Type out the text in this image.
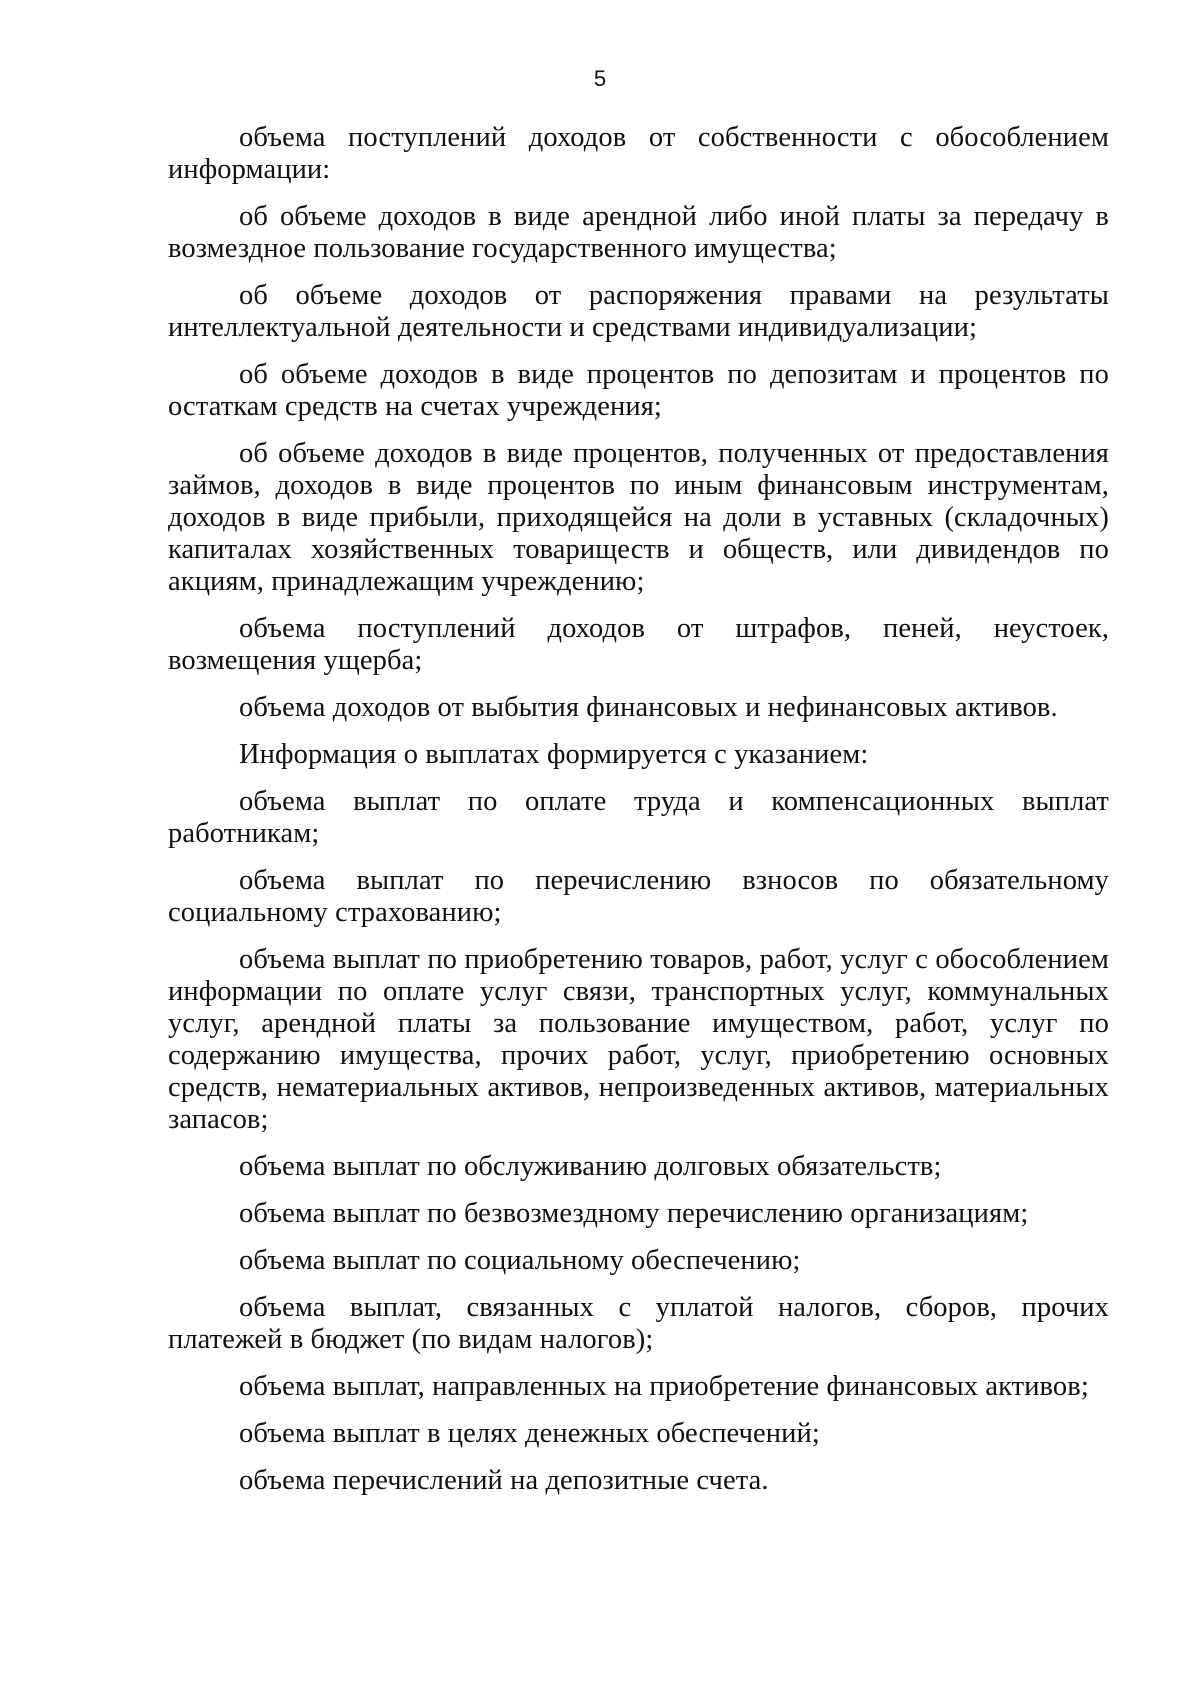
5

объема поступлений доходов от собственности с обособлением информации:

об объеме доходов в виде арендной либо иной платы за передачу в возмездное пользование государственного имущества;

об объеме доходов от распоряжения правами на результаты интеллектуальной деятельности и средствами индивидуализации;

об объеме доходов в виде процентов по депозитам и процентов по остаткам средств на счетах учреждения;

об объеме доходов в виде процентов, полученных от предоставления займов, доходов в виде процентов по иным финансовым инструментам, доходов в виде прибыли, приходящейся на доли в уставных (складочных) капиталах хозяйственных товариществ и обществ, или дивидендов по акциям, принадлежащим учреждению;

объема поступлений доходов от штрафов, пеней, неустоек, возмещения ущерба;

объема доходов от выбытия финансовых и нефинансовых активов.

Информация о выплатах формируется с указанием:

объема выплат по оплате труда и компенсационных выплат работникам;

объема выплат по перечислению взносов по обязательному социальному страхованию;

объема выплат по приобретению товаров, работ, услуг с обособлением информации по оплате услуг связи, транспортных услуг, коммунальных услуг, арендной платы за пользование имуществом, работ, услуг по содержанию имущества, прочих работ, услуг, приобретению основных средств, нематериальных активов, непроизведенных активов, материальных запасов;

объема выплат по обслуживанию долговых обязательств;

объема выплат по безвозмездному перечислению организациям;

объема выплат по социальному обеспечению;

объема выплат, связанных с уплатой налогов, сборов, прочих платежей в бюджет (по видам налогов);

объема выплат, направленных на приобретение финансовых активов;

объема выплат в целях денежных обеспечений;

объема перечислений на депозитные счета.
